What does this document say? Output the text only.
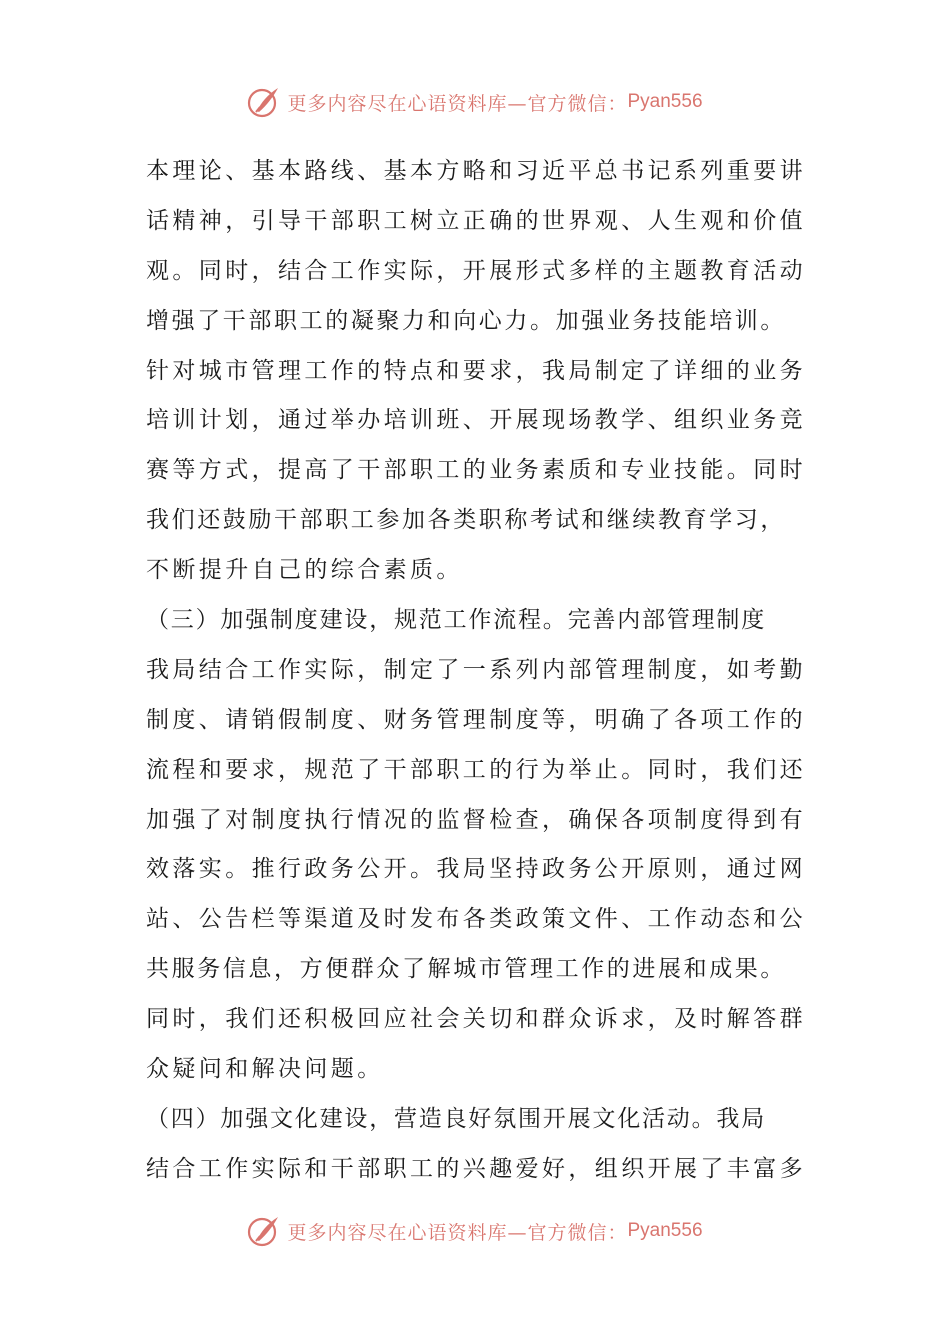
更多内容尽在心语资料库—官方微信： Pyan556
本理论、基本路线、基本方略和习近平总书记系列重要讲
话精神，引导干部职工树立正确的世界观、人生观和价值
观。同时，结合工作实际，开展形式多样的主题教育活动
增强了干部职工的凝聚力和向心力。加强业务技能培训。
针对城市管理工作的特点和要求，我局制定了详细的业务
培训计划，通过举办培训班、开展现场教学、组织业务竞
赛等方式，提高了干部职工的业务素质和专业技能。同时
我们还鼓励干部职工参加各类职称考试和继续教育学习，
不断提升自己的综合素质。
（三）加强制度建设，规范工作流程。完善内部管理制度
我局结合工作实际，制定了一系列内部管理制度，如考勤
制度、请销假制度、财务管理制度等，明确了各项工作的
流程和要求，规范了干部职工的行为举止。同时，我们还
加强了对制度执行情况的监督检查，确保各项制度得到有
效落实。推行政务公开。我局坚持政务公开原则，通过网
站、公告栏等渠道及时发布各类政策文件、工作动态和公
共服务信息，方便群众了解城市管理工作的进展和成果。
同时，我们还积极回应社会关切和群众诉求，及时解答群
众疑问和解决问题。
（四）加强文化建设，营造良好氛围开展文化活动。我局
结合工作实际和干部职工的兴趣爱好，组织开展了丰富多
更多内容尽在心语资料库—官方微信： Pyan556
